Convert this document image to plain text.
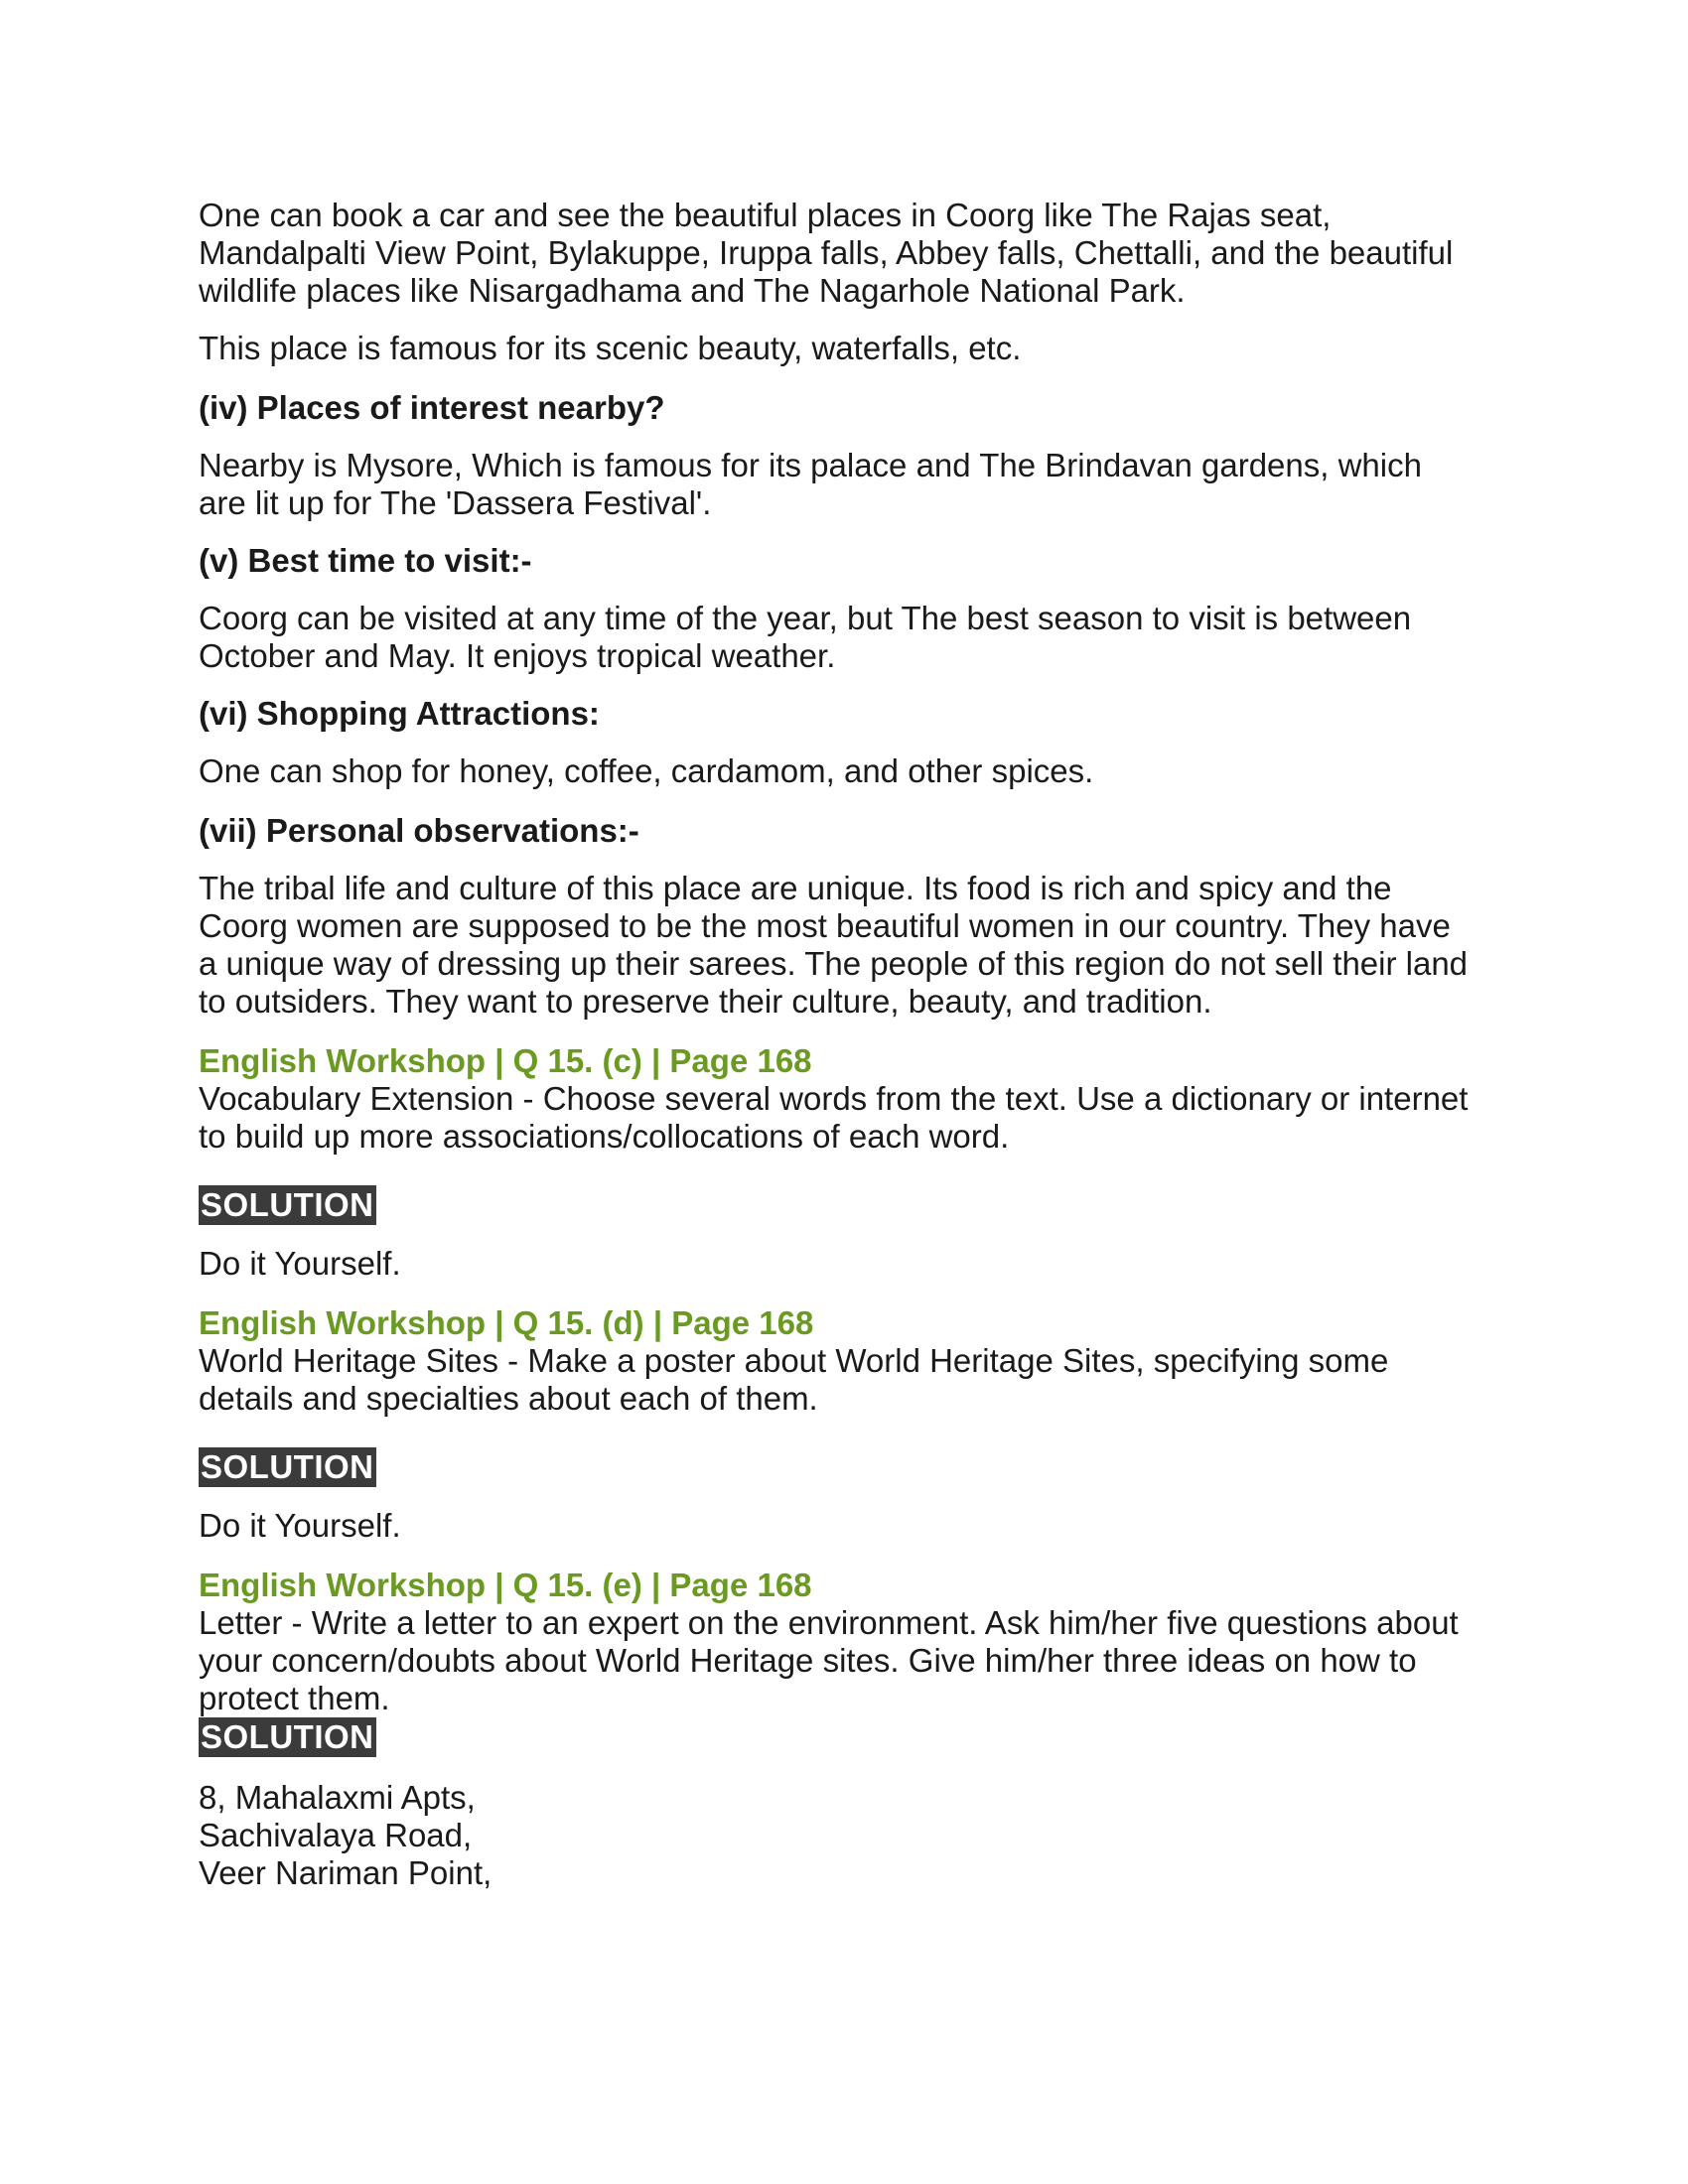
One can book a car and see the beautiful places in Coorg like The Rajas seat,
Mandalpalti View Point, Bylakuppe, Iruppa falls, Abbey falls, Chettalli, and the beautiful
wildlife places like Nisargadhama and The Nagarhole National Park.

This place is famous for its scenic beauty, waterfalls, etc.

(iv) Places of interest nearby?

Nearby is Mysore, Which is famous for its palace and The Brindavan gardens, which
are lit up for The 'Dassera Festival'.

(v) Best time to visit:-

Coorg can be visited at any time of the year, but The best season to visit is between
October and May. It enjoys tropical weather.

(vi) Shopping Attractions:

One can shop for honey, coffee, cardamom, and other spices.

(vii) Personal observations:-

The tribal life and culture of this place are unique. Its food is rich and spicy and the
Coorg women are supposed to be the most beautiful women in our country. They have
a unique way of dressing up their sarees. The people of this region do not sell their land
to outsiders. They want to preserve their culture, beauty, and tradition.

English Workshop | Q 15. (c) | Page 168

Vocabulary Extension - Choose several words from the text. Use a dictionary or internet
to build up more associations/collocations of each word.

SOLUTION

Do it Yourself.

English Workshop | Q 15. (d) | Page 168

World Heritage Sites - Make a poster about World Heritage Sites, specifying some
details and specialties about each of them.

SOLUTION

Do it Yourself.

English Workshop | Q 15. (e) | Page 168

Letter - Write a letter to an expert on the environment. Ask him/her five questions about
your concern/doubts about World Heritage sites. Give him/her three ideas on how to
protect them.

SOLUTION

8, Mahalaxmi Apts,

Sachivalaya Road,

Veer Nariman Point,
